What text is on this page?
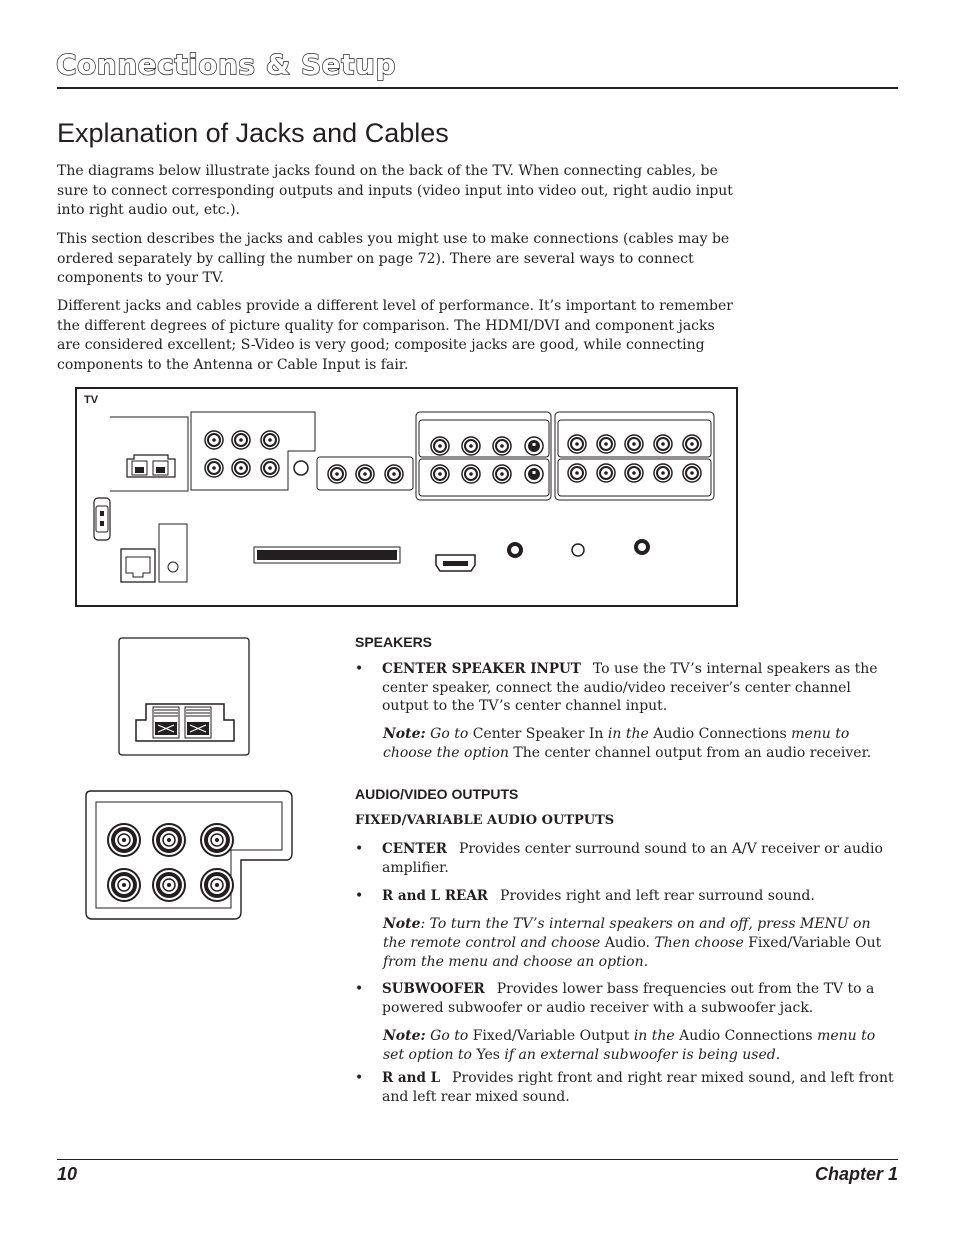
Connections & Setup
Explanation of Jacks and Cables

The diagrams below illustrate jacks found on the back of the TV. When connecting cables, be sure to connect corresponding outputs and inputs (video input into video out, right audio input into right audio out, etc.).

This section describes the jacks and cables you might use to make connections (cables may be ordered separately by calling the number on page 72). There are several ways to connect components to your TV.

Different jacks and cables provide a different level of performance. It’s important to remember the different degrees of picture quality for comparison. The HDMI/DVI and component jacks are considered excellent; S-Video is very good; composite jacks are good, while connecting components to the Antenna or Cable Input is fair.

TV
SPEAKERS
• CENTER SPEAKER INPUT To use the TV’s internal speakers as the center speaker, connect the audio/video receiver’s center channel output to the TV’s center channel input.
Note: Go to Center Speaker In in the Audio Connections menu to choose the option The center channel output from an audio receiver.
AUDIO/VIDEO OUTPUTS
FIXED/VARIABLE AUDIO OUTPUTS
• CENTER Provides center surround sound to an A/V receiver or audio amplifier.
• R and L REAR Provides right and left rear surround sound.
Note: To turn the TV’s internal speakers on and off, press MENU on the remote control and choose Audio. Then choose Fixed/Variable Out from the menu and choose an option.
• SUBWOOFER Provides lower bass frequencies out from the TV to a powered subwoofer or audio receiver with a subwoofer jack.
Note: Go to Fixed/Variable Output in the Audio Connections menu to set option to Yes if an external subwoofer is being used.
• R and L Provides right front and right rear mixed sound, and left front and left rear mixed sound.
10	Chapter 1
